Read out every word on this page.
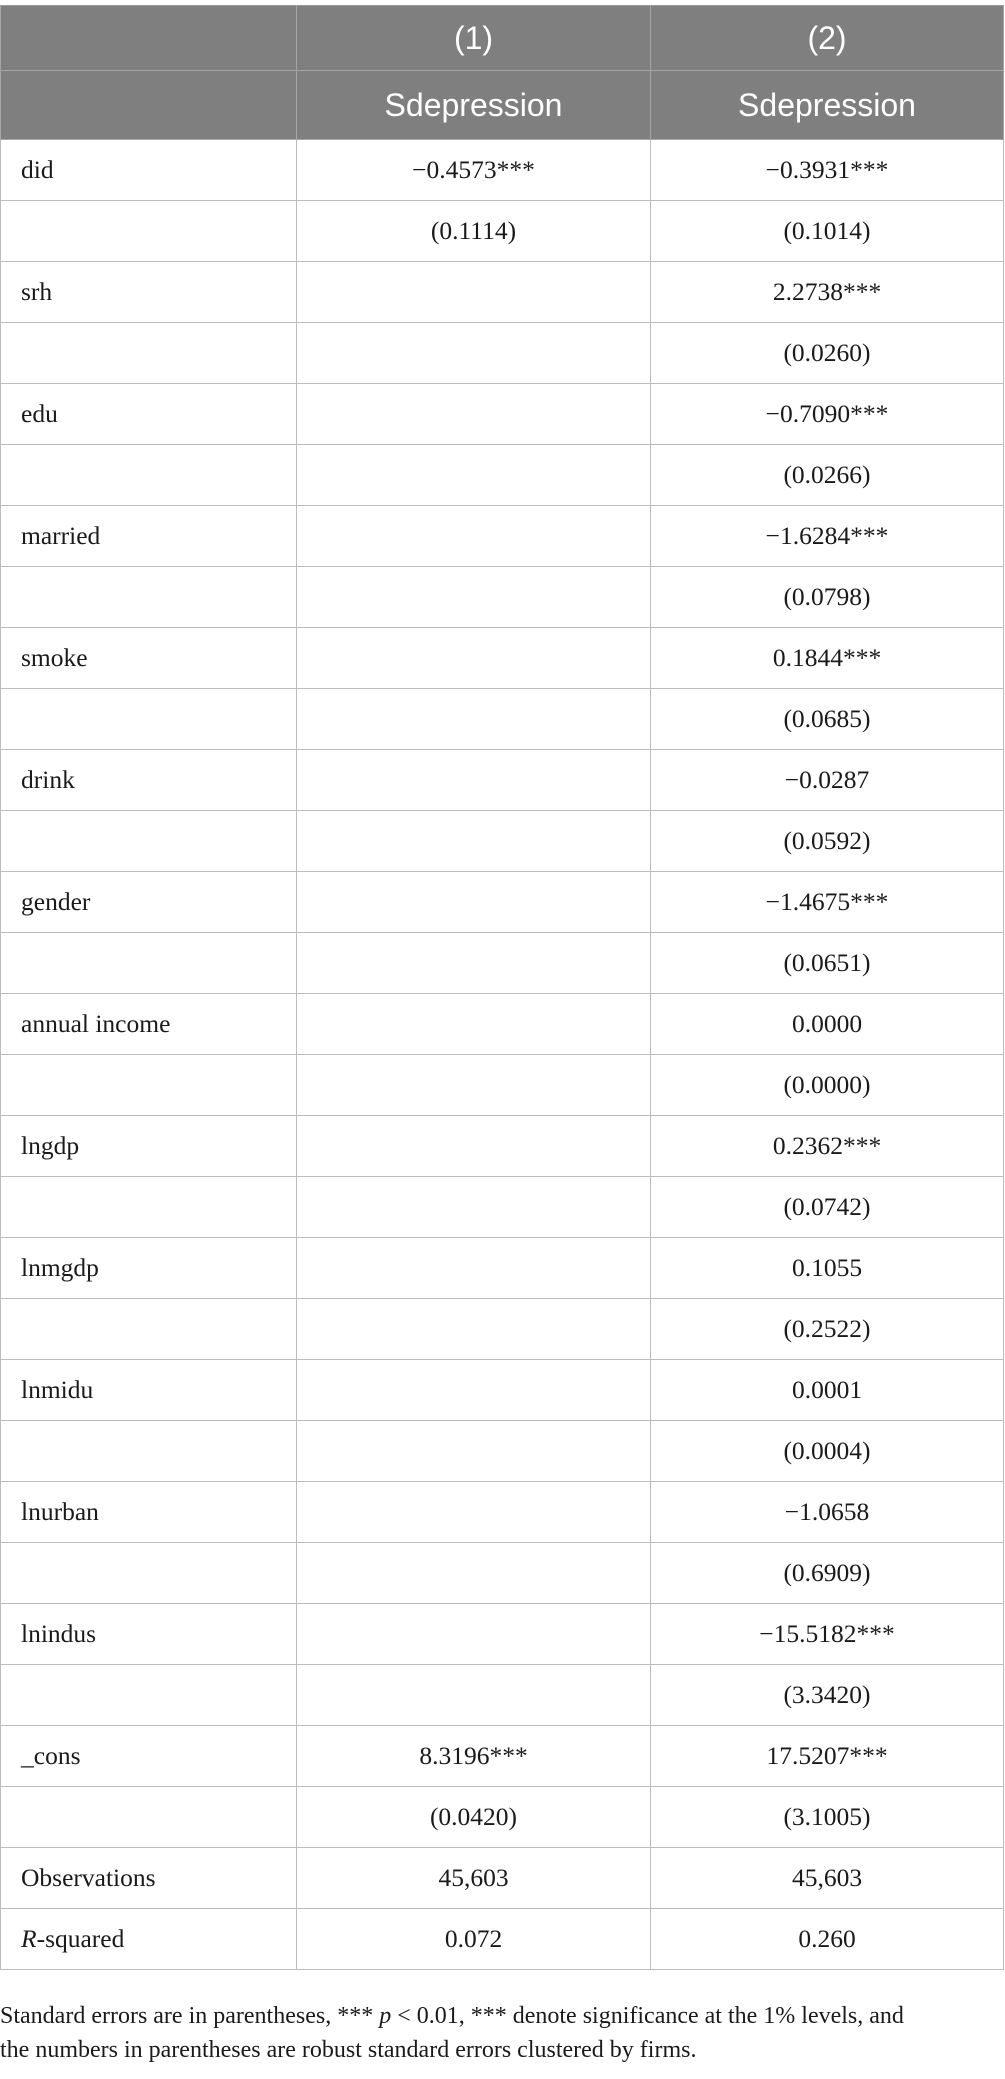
	(1)	(2)
	Sdepression	Sdepression
did	−0.4573***	−0.3931***
	(0.1114)	(0.1014)
srh		2.2738***
		(0.0260)
edu		−0.7090***
		(0.0266)
married		−1.6284***
		(0.0798)
smoke		0.1844***
		(0.0685)
drink		−0.0287
		(0.0592)
gender		−1.4675***
		(0.0651)
annual income		0.0000
		(0.0000)
lngdp		0.2362***
		(0.0742)
lnmgdp		0.1055
		(0.2522)
lnmidu		0.0001
		(0.0004)
lnurban		−1.0658
		(0.6909)
lnindus		−15.5182***
		(3.3420)
_cons	8.3196***	17.5207***
	(0.0420)	(3.1005)
Observations	45,603	45,603
R-squared	0.072	0.260
Standard errors are in parentheses, *** p < 0.01, *** denote significance at the 1% levels, and
the numbers in parentheses are robust standard errors clustered by firms.
